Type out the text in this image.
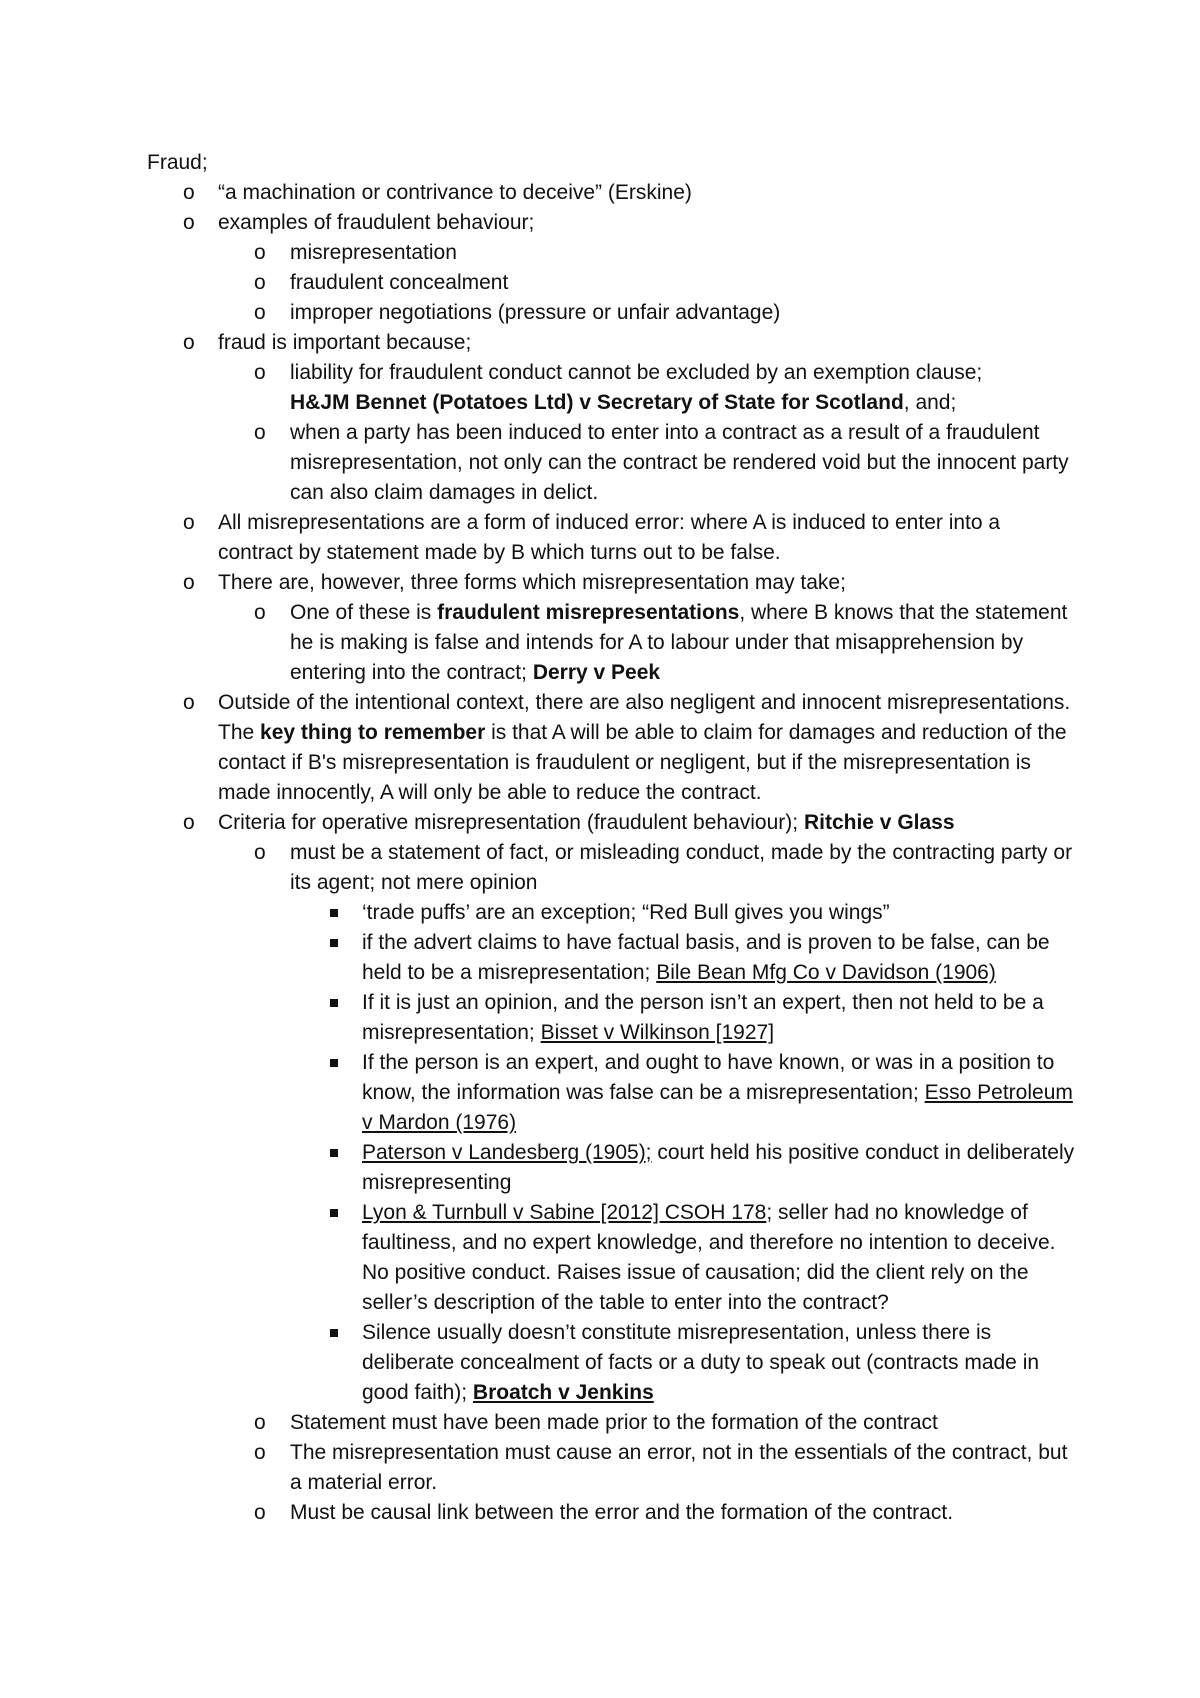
Fraud;
o “a machination or contrivance to deceive” (Erskine)
o examples of fraudulent behaviour;
o misrepresentation
o fraudulent concealment
o improper negotiations (pressure or unfair advantage)
o fraud is important because;
o liability for fraudulent conduct cannot be excluded by an exemption clause;
H&JM Bennet (Potatoes Ltd) v Secretary of State for Scotland, and;
o when a party has been induced to enter into a contract as a result of a fraudulent misrepresentation, not only can the contract be rendered void but the innocent party can also claim damages in delict.
o All misrepresentations are a form of induced error: where A is induced to enter into a contract by statement made by B which turns out to be false.
o There are, however, three forms which misrepresentation may take;
o One of these is fraudulent misrepresentations, where B knows that the statement he is making is false and intends for A to labour under that misapprehension by entering into the contract; Derry v Peek
o Outside of the intentional context, there are also negligent and innocent misrepresentations. The key thing to remember is that A will be able to claim for damages and reduction of the contact if B's misrepresentation is fraudulent or negligent, but if the misrepresentation is made innocently, A will only be able to reduce the contract.
o Criteria for operative misrepresentation (fraudulent behaviour); Ritchie v Glass
o must be a statement of fact, or misleading conduct, made by the contracting party or its agent; not mere opinion
‘trade puffs’ are an exception; “Red Bull gives you wings”
if the advert claims to have factual basis, and is proven to be false, can be held to be a misrepresentation; Bile Bean Mfg Co v Davidson (1906)
If it is just an opinion, and the person isn’t an expert, then not held to be a misrepresentation; Bisset v Wilkinson [1927]
If the person is an expert, and ought to have known, or was in a position to know, the information was false can be a misrepresentation; Esso Petroleum v Mardon (1976)
Paterson v Landesberg (1905); court held his positive conduct in deliberately misrepresenting
Lyon & Turnbull v Sabine [2012] CSOH 178; seller had no knowledge of faultiness, and no expert knowledge, and therefore no intention to deceive. No positive conduct. Raises issue of causation; did the client rely on the seller’s description of the table to enter into the contract?
Silence usually doesn’t constitute misrepresentation, unless there is deliberate concealment of facts or a duty to speak out (contracts made in good faith); Broatch v Jenkins
o Statement must have been made prior to the formation of the contract
o The misrepresentation must cause an error, not in the essentials of the contract, but a material error.
o Must be causal link between the error and the formation of the contract.
